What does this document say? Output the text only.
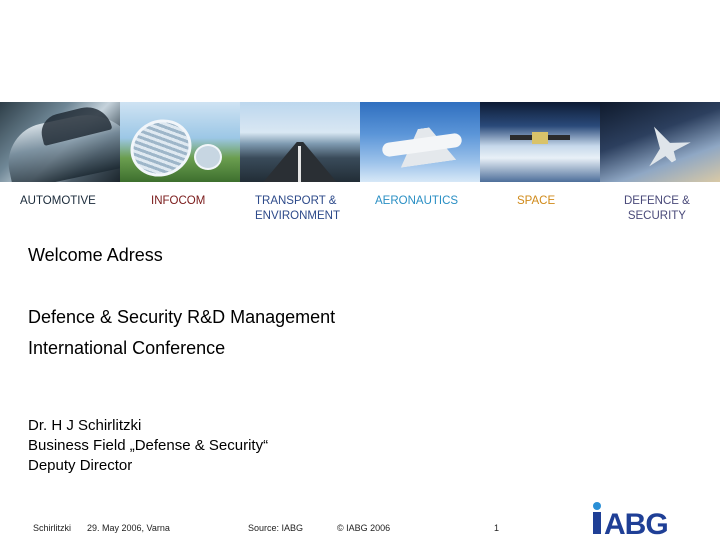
AUTOMOTIVE	INFOCOM	TRANSPORT &
ENVIRONMENT
AERONAUTICS	SPACE	DEFENCE &
SECURITY
Welcome Adress
Defence & Security R&D Management
International Conference
Dr. H J Schirlitzki
Business Field „Defense & Security“
Deputy Director
Schirlitzki 29. May 2006, Varna	Source: IABG	© IABG 2006	1	ABG
